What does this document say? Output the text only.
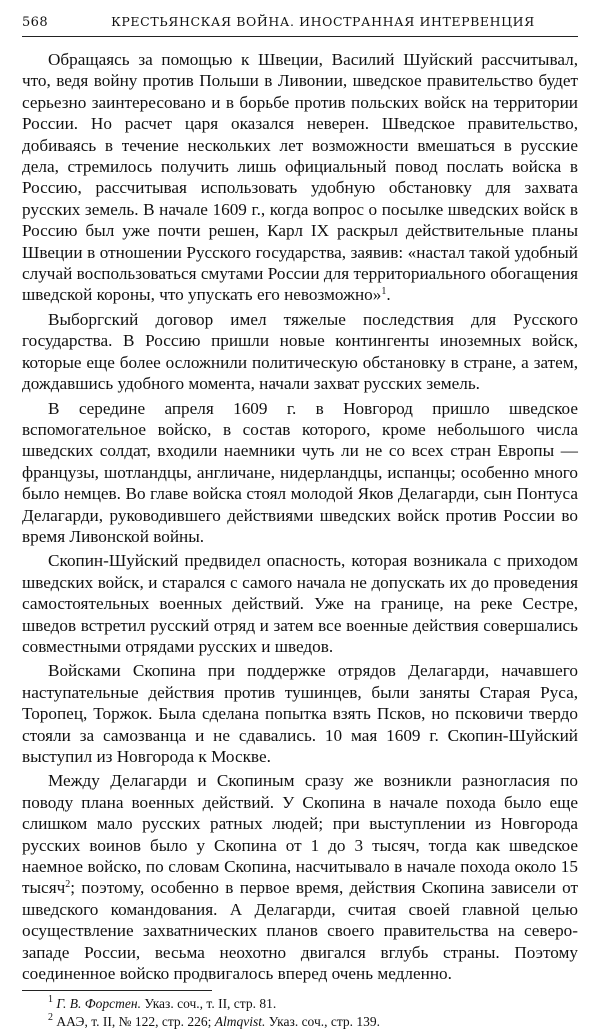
568	КРЕСТЬЯНСКАЯ ВОЙНА. ИНОСТРАННАЯ ИНТЕРВЕНЦИЯ

Обращаясь за помощью к Швеции, Василий Шуйский рассчитывал, что, ведя войну против Польши в Ливонии, шведское правительство будет серьезно заинтересовано и в борьбе против польских войск на территории России. Но расчет царя оказался неверен. Шведское правительство, добиваясь в течение нескольких лет возможности вмешаться в русские дела, стремилось получить лишь официальный повод послать войска в Россию, рассчитывая использовать удобную обстановку для захвата русских земель. В начале 1609 г., когда вопрос о посылке шведских войск в Россию был уже почти решен, Карл IX раскрыл действительные планы Швеции в отношении Русского государства, заявив: «настал такой удобный случай воспользоваться смутами России для территориального обогащения шведской короны, что упускать его невозможно»$^1$.

Выборгский договор имел тяжелые последствия для Русского государства. В Россию пришли новые контингенты иноземных войск, которые еще более осложнили политическую обстановку в стране, а затем, дождавшись удобного момента, начали захват русских земель.

В середине апреля 1609 г. в Новгород пришло шведское вспомогательное войско, в состав которого, кроме небольшого числа шведских солдат, входили наемники чуть ли не со всех стран Европы — французы, шотландцы, англичане, нидерландцы, испанцы; особенно много было немцев. Во главе войска стоял молодой Яков Делагарди, сын Понтуса Делагарди, руководившего действиями шведских войск против России во время Ливонской войны.

Скопин-Шуйский предвидел опасность, которая возникала с приходом шведских войск, и старался с самого начала не допускать их до проведения самостоятельных военных действий. Уже на границе, на реке Сестре, шведов встретил русский отряд и затем все военные действия совершались совместными отрядами русских и шведов.

Войсками Скопина при поддержке отрядов Делагарди, начавшего наступательные действия против тушинцев, были заняты Старая Руса, Торопец, Торжок. Была сделана попытка взять Псков, но псковичи твердо стояли за самозванца и не сдавались. 10 мая 1609 г. Скопин-Шуйский выступил из Новгорода к Москве.

Между Делагарди и Скопиным сразу же возникли разногласия по поводу плана военных действий. У Скопина в начале похода было еще слишком мало русских ратных людей; при выступлении из Новгорода русских воинов было у Скопина от 1 до 3 тысяч, тогда как шведское наемное войско, по словам Скопина, насчитывало в начале похода около 15 тысяч$^2$; поэтому, особенно в первое время, действия Скопина зависели от шведского командования. А Делагарди, считая своей главной целью осуществление захватнических планов своего правительства на северо-западе России, весьма неохотно двигался вглубь страны. Поэтому соединенное войско продвигалось вперед очень медленно.

$^1$ Г. В. Форстен. Указ. соч., т. II, стр. 81.
$^2$ ААЭ, т. II, № 122, стр. 226; Almqvist. Указ. соч., стр. 139.
